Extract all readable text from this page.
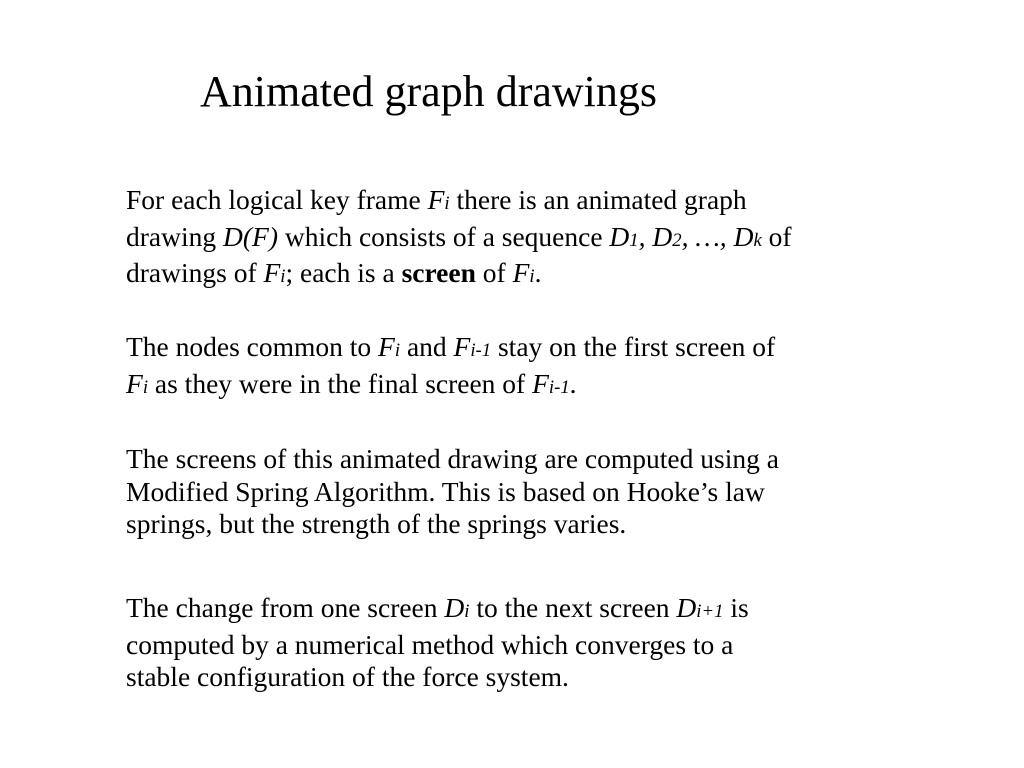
Animated graph drawings
For each logical key frame Fi there is an animated graph
drawing D(F) which consists of a sequence D1, D2, …, Dk of
drawings of Fi; each is a screen of Fi.
The nodes common to Fi and Fi-1 stay on the first screen of
Fi as they were in the final screen of Fi-1.
The screens of this animated drawing are computed using a
Modified Spring Algorithm. This is based on Hooke’s law
springs, but the strength of the springs varies.
The change from one screen Di to the next screen Di+1 is
computed by a numerical method which converges to a
stable configuration of the force system.
